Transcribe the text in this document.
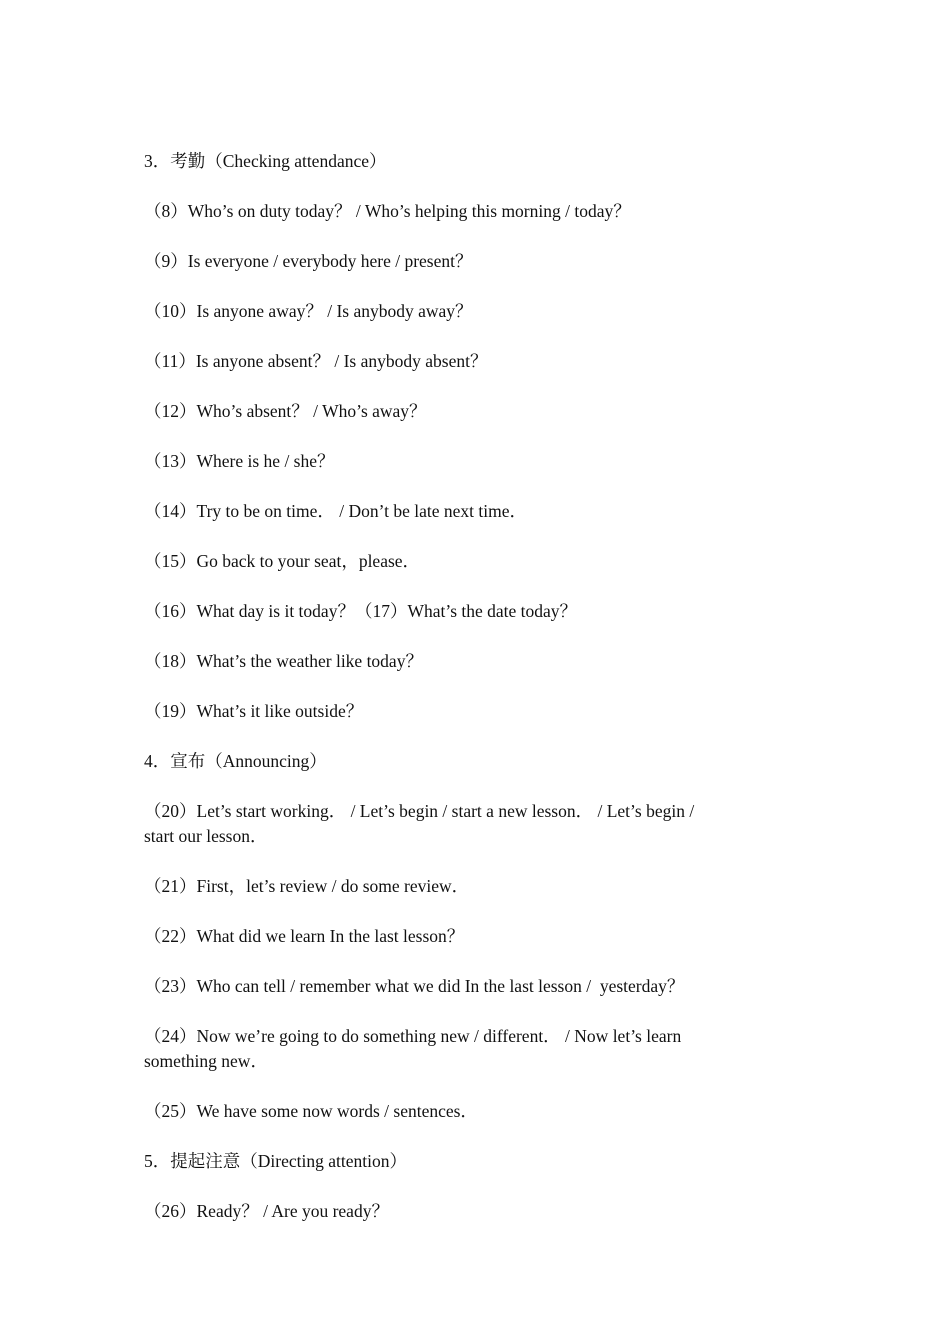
3．考勤（Checking attendance）

（8）Who’s on duty today？ / Who’s helping this morning / today？

（9）Is everyone / everybody here / present？

（10）Is anyone away？ / Is anybody away？

（11）Is anyone absent？ / Is anybody absent？

（12）Who’s absent？ / Who’s away？

（13）Where is he / she？

（14）Try to be on time． / Don’t be late next time．

（15）Go back to your seat，please．

（16）What day is it today？（17）What’s the date today？

（18）What’s the weather like today？

（19）What’s it like outside？

4．宣布（Announcing）

（20）Let’s start working． / Let’s begin / start a new lesson． / Let’s begin /

start our lesson．

（21）First，let’s review / do some review．

（22）What did we learn In the last lesson？

（23）Who can tell / remember what we did In the last lesson /  yesterday？

（24）Now we’re going to do something new / different． / Now let’s learn

something new．

（25）We have some now words / sentences．

5．提起注意（Directing attention）

（26）Ready？ / Are you ready？
